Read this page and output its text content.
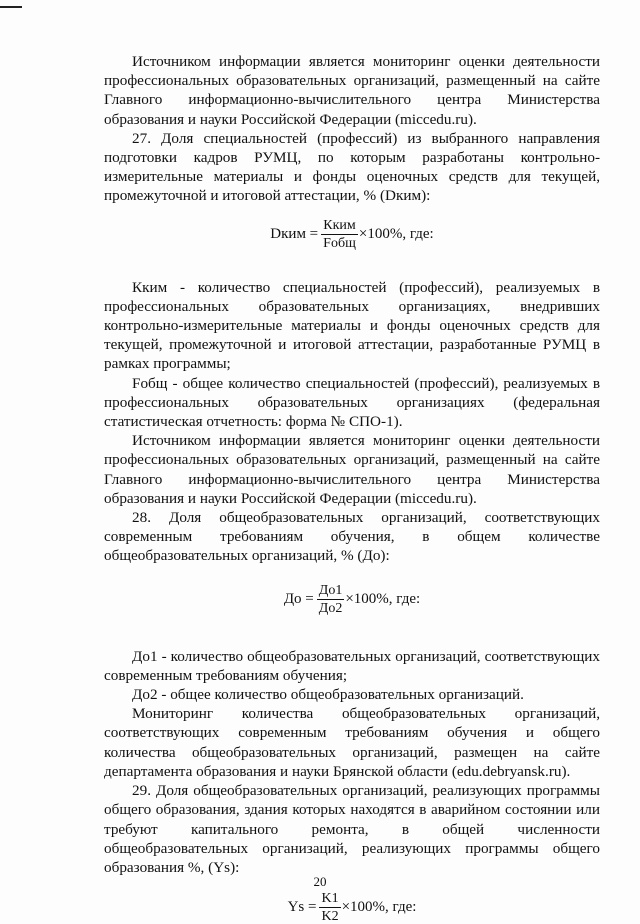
Источником информации является мониторинг оценки деятельности профессиональных образовательных организаций, размещенный на сайте Главного информационно-вычислительного центра Министерства образования и науки Российской Федерации (miccedu.ru).

27. Доля специальностей (профессий) из выбранного направления подготовки кадров РУМЦ, по которым разработаны контрольно-измерительные материалы и фонды оценочных средств для текущей, промежуточной и итоговой аттестации, % (Dким):

Dким = $\frac{\text{Кким}}{\text{Fобщ}} \times 100\%$ , где:

Кким - количество специальностей (профессий), реализуемых в профессиональных образовательных организациях, внедривших контрольно-измерительные материалы и фонды оценочных средств для текущей, промежуточной и итоговой аттестации, разработанные РУМЦ в рамках программы;

Fобщ - общее количество специальностей (профессий), реализуемых в профессиональных образовательных организациях (федеральная статистическая отчетность: форма № СПО-1).

Источником информации является мониторинг оценки деятельности профессиональных образовательных организаций, размещенный на сайте Главного информационно-вычислительного центра Министерства образования и науки Российской Федерации (miccedu.ru).

28. Доля общеобразовательных организаций, соответствующих современным требованиям обучения, в общем количестве общеобразовательных организаций, % (Дo):

Дo = $\frac{Дo1}{Дo2} \times 100\%$ , где:

До1 - количество общеобразовательных организаций, соответствующих современным требованиям обучения;

До2 - общее количество общеобразовательных организаций.

Мониторинг количества общеобразовательных организаций, соответствующих современным требованиям обучения и общего количества общеобразовательных организаций, размещен на сайте департамента образования и науки Брянской области (edu.debryansk.ru).

29. Доля общеобразовательных организаций, реализующих программы общего образования, здания которых находятся в аварийном состоянии или требуют капитального ремонта, в общей численности общеобразовательных организаций, реализующих программы общего образования %, (Ys):

$Ys = \frac{K1}{K2} \times 100\%$ , где:
20
